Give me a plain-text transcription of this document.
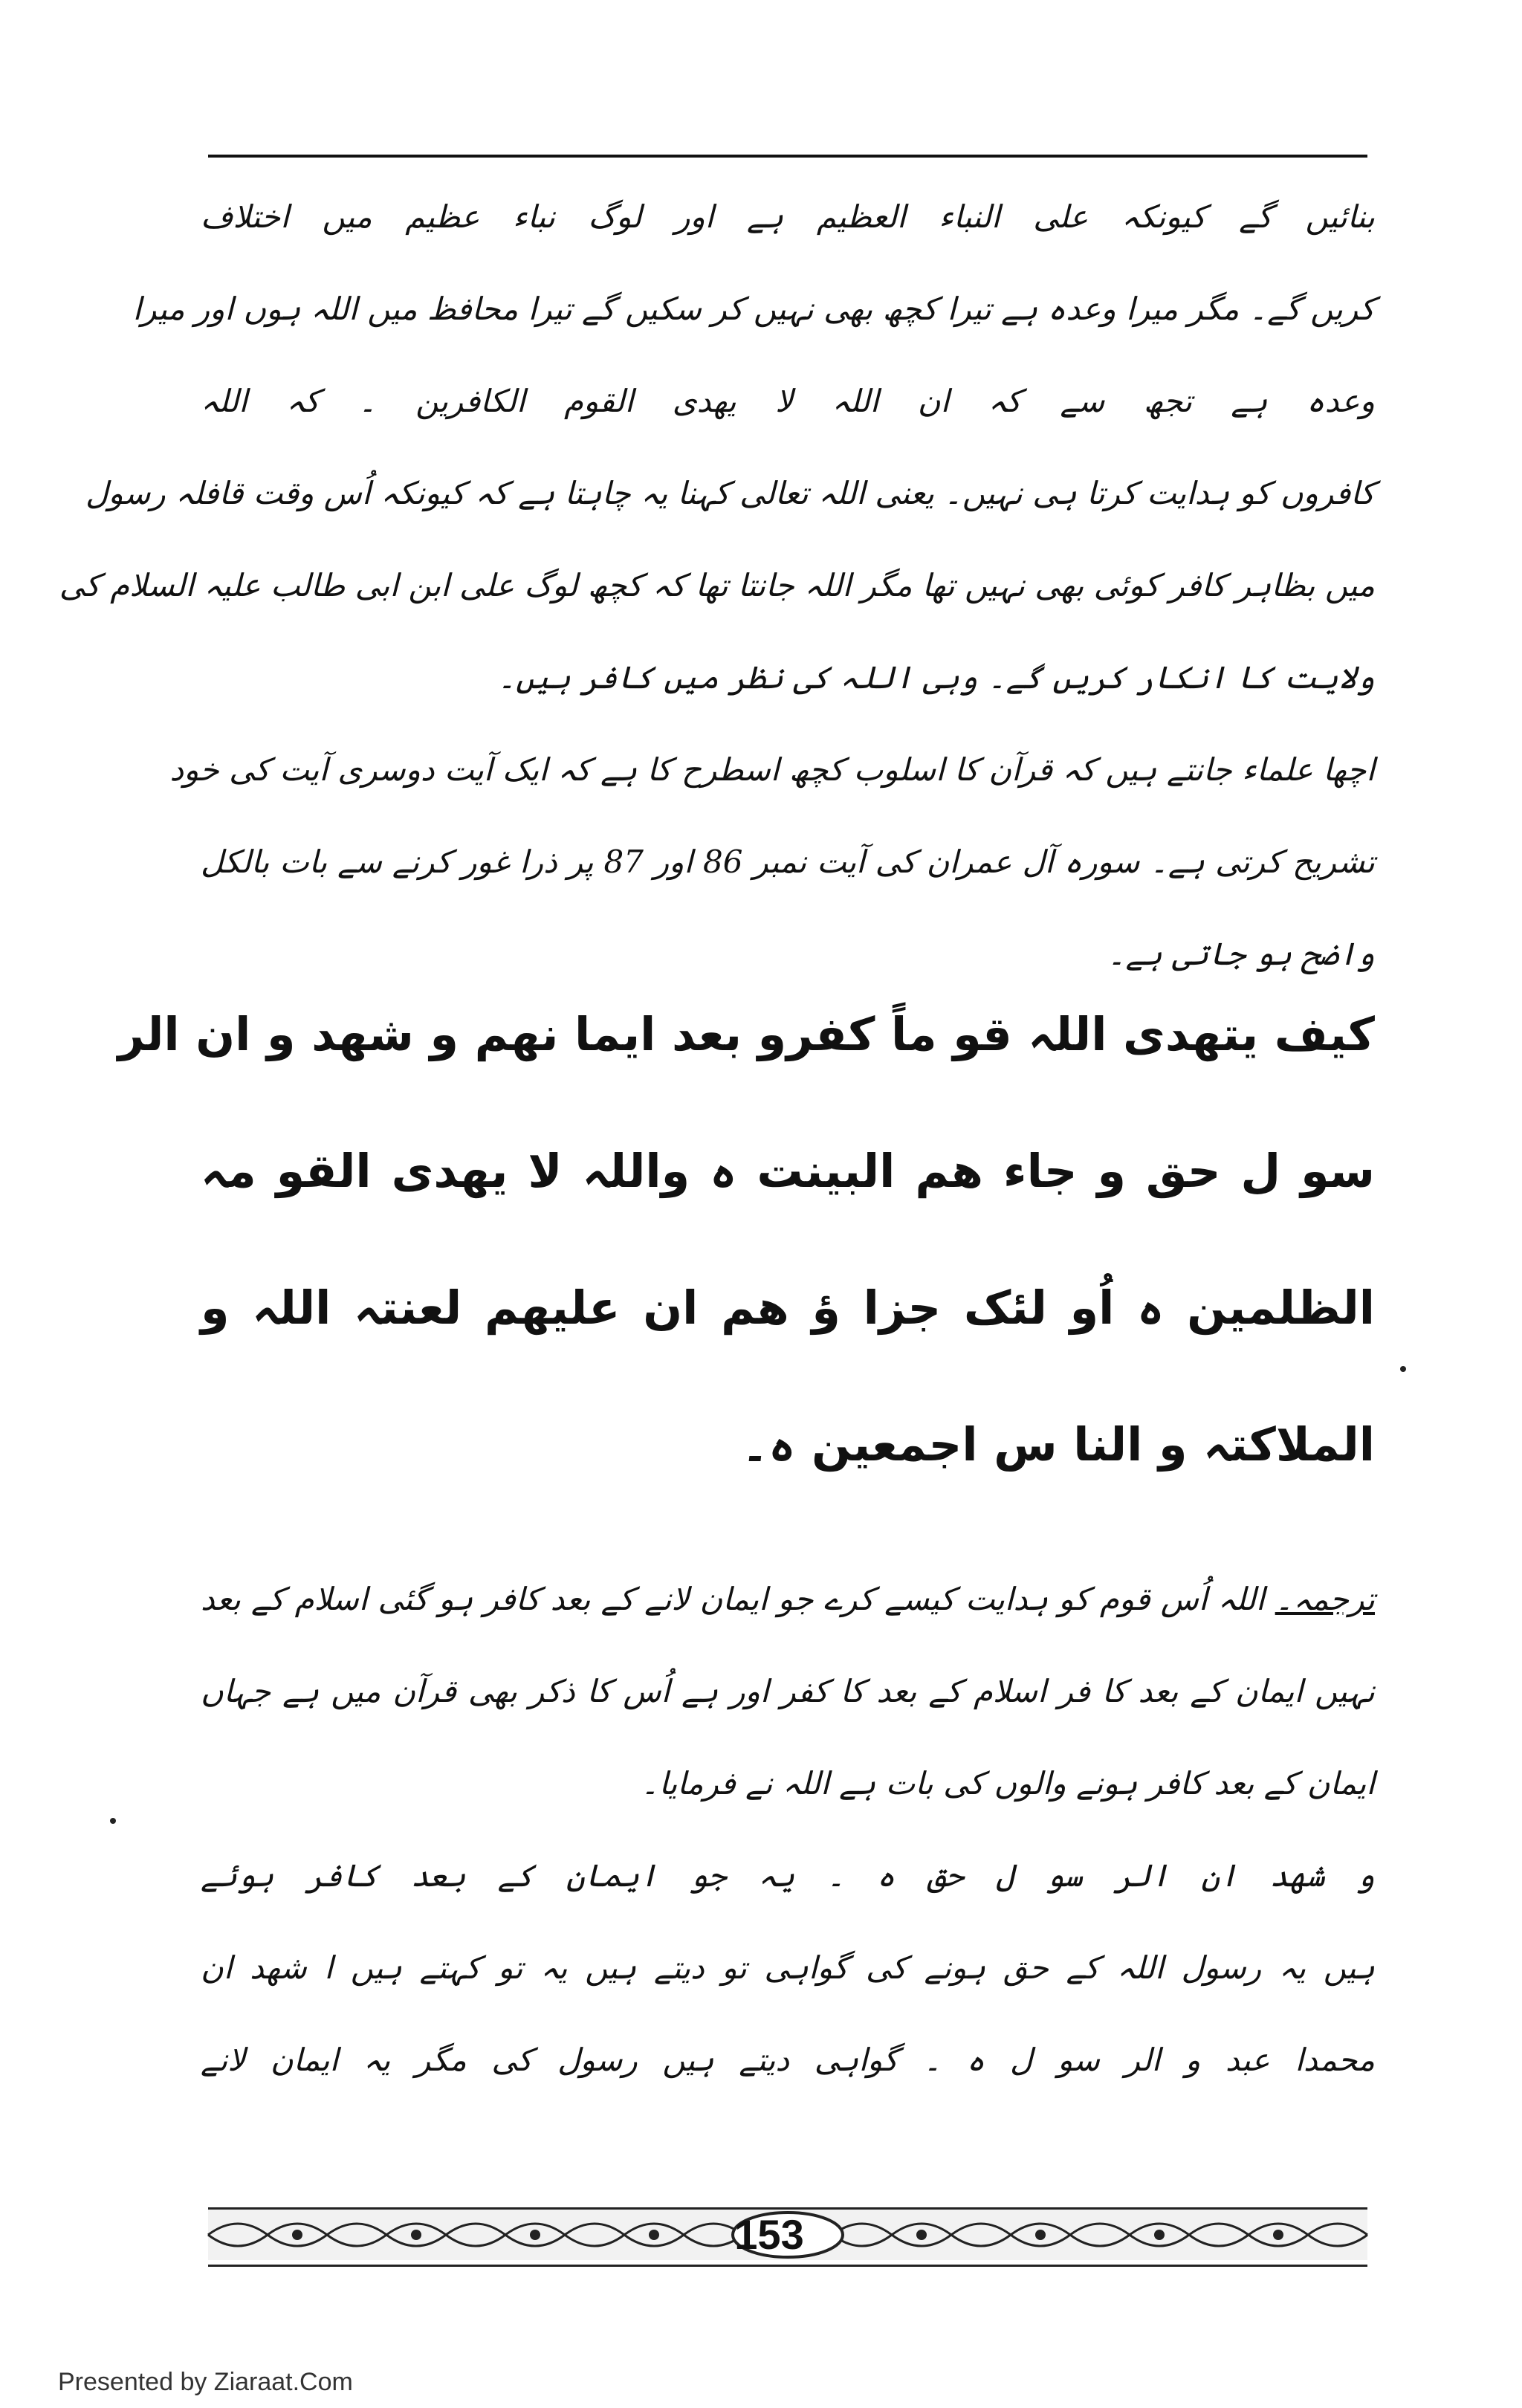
بنائیں گے کیونکہ علی النباء العظیم ہے اور لوگ نباء عظیم میں اختلاف
کریں گے۔ مگر میرا وعدہ ہے تیرا کچھ بھی نہیں کر سکیں گے تیرا محافظ میں اللہ ہوں اور میرا
وعدہ ہے تجھ سے کہ ان اللہ لا یھدی القوم الکافرین ۔ کہ اللہ
کافروں کو ہدایت کرتا ہی نہیں۔ یعنی اللہ تعالی کہنا یہ چاہتا ہے کہ کیونکہ اُس وقت قافلہ رسول
میں بظاہر کافر کوئی بھی نہیں تھا مگر اللہ جانتا تھا کہ کچھ لوگ علی ابن ابی طالب علیہ السلام کی
ولایت کا انکار کریں گے۔ وہی اللہ کی نظر میں کافر ہیں۔
اچھا علماء جانتے ہیں کہ قرآن کا اسلوب کچھ اسطرح کا ہے کہ ایک آیت دوسری آیت کی خود
تشریح کرتی ہے۔ سورہ آل عمران کی آیت نمبر 86 اور 87 پر ذرا غور کرنے سے بات بالکل
واضح ہو جاتی ہے۔
کیف یتھدی اللہ قو ماً کفرو بعد ایما نھم و شھد و ان الر
سو ل حق و جاء ھم البینت ہ واللہ لا یھدی القو مہ
الظلمین ہ اُو لئک جزا ؤ ھم ان علیھم لعنتہ اللہ و
الملاکتہ و النا س اجمعین ہ۔
ترجمہ۔ اللہ اُس قوم کو ہدایت کیسے کرے جو ایمان لانے کے بعد کافر ہو گئی اسلام کے بعد
نہیں ایمان کے بعد کا فر اسلام کے بعد کا کفر اور ہے اُس کا ذکر بھی قرآن میں ہے جہاں
ایمان کے بعد کافر ہونے والوں کی بات ہے اللہ نے فرمایا۔
و شھد ان الر سو ل حق ہ ۔ یہ جو ایمان کے بعد کافر ہوئے
ہیں یہ رسول اللہ کے حق ہونے کی گواہی تو دیتے ہیں یہ تو کہتے ہیں ا شھد ان
محمدا عبد و الر سو ل ہ ۔ گواہی دیتے ہیں رسول کی مگر یہ ایمان لانے
153
Presented by Ziaraat.Com
